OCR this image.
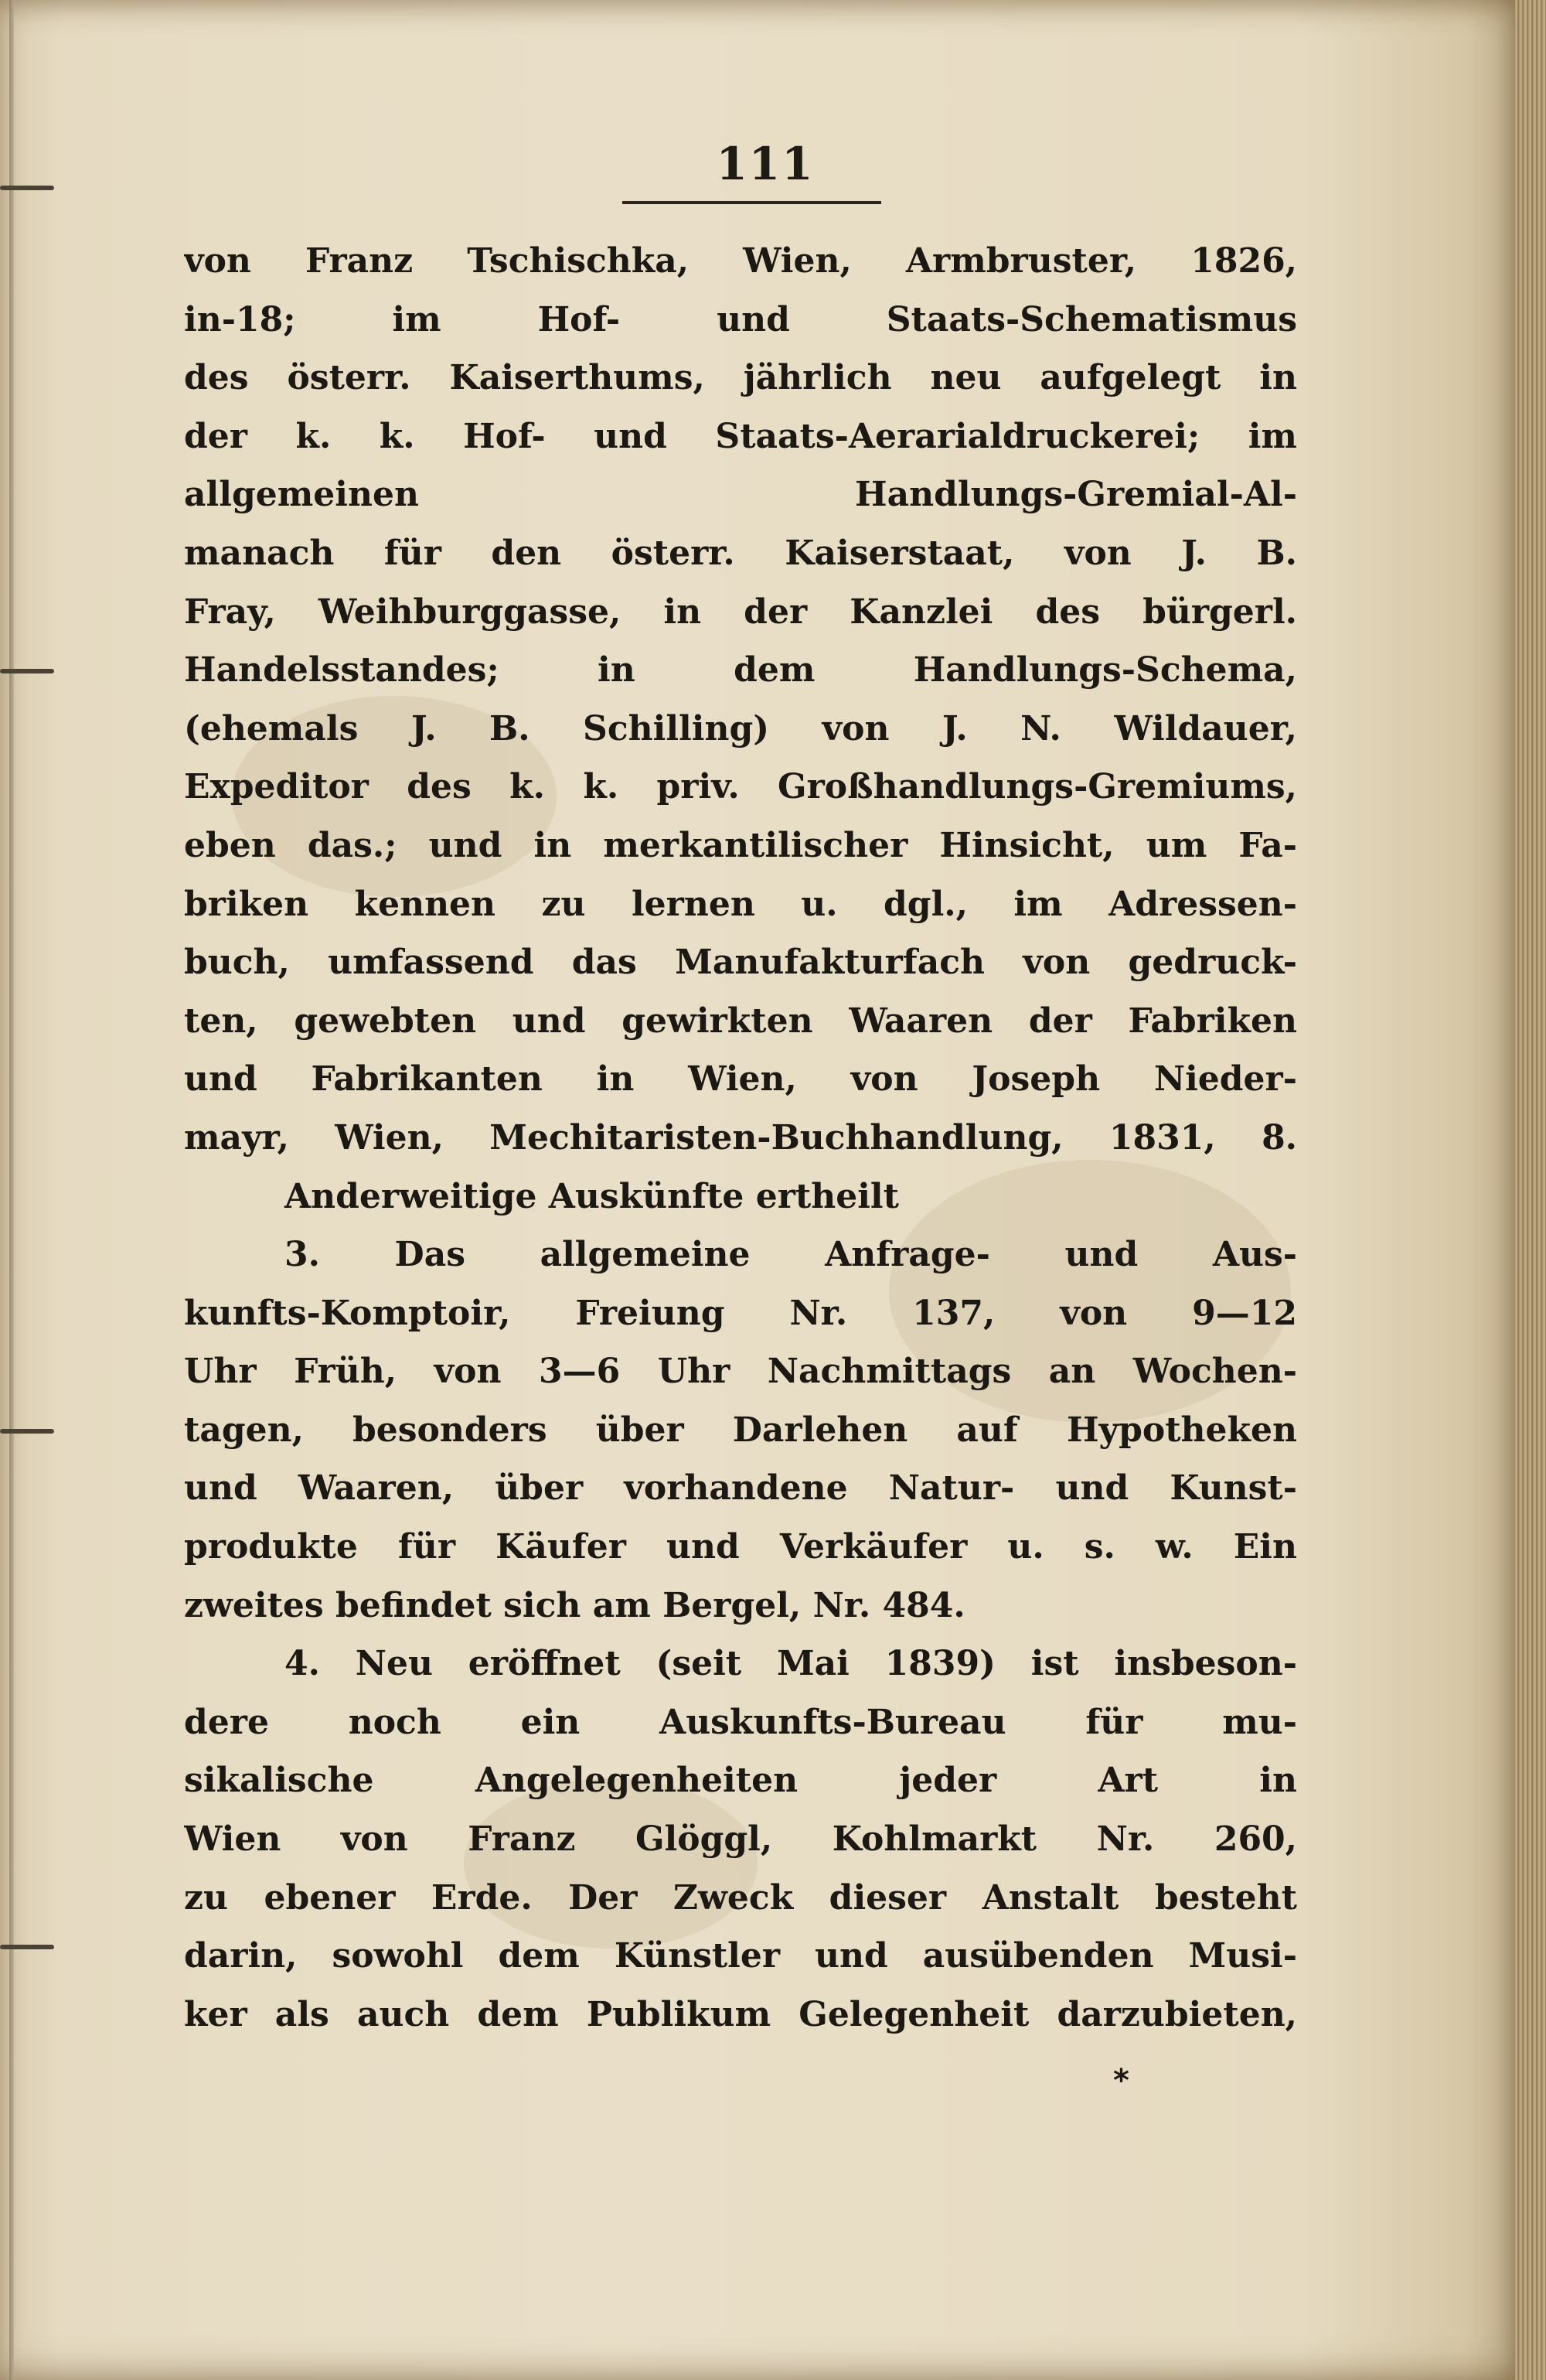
111
von Franz Tschischka, Wien, Armbruster, 1826,
in-18; im Hof- und Staats-Schematismus
des österr. Kaiserthums, jährlich neu aufgelegt in
der k. k. Hof- und Staats-Aerarialdruckerei; im
allgemeinen Handlungs-Gremial-Al-
manach für den österr. Kaiserstaat, von J. B.
Fray, Weihburggasse, in der Kanzlei des bürgerl.
Handelsstandes; in dem Handlungs-Schema,
(ehemals J. B. Schilling) von J. N. Wildauer,
Expeditor des k. k. priv. Großhandlungs-Gremiums,
eben das.; und in merkantilischer Hinsicht, um Fa-
briken kennen zu lernen u. dgl., im Adressen-
buch, umfassend das Manufakturfach von gedruck-
ten, gewebten und gewirkten Waaren der Fabriken
und Fabrikanten in Wien, von Joseph Nieder-
mayr, Wien, Mechitaristen-Buchhandlung, 1831, 8.
Anderweitige Auskünfte ertheilt
3. Das allgemeine Anfrage- und Aus-
kunfts-Komptoir, Freiung Nr. 137, von 9—12
Uhr Früh, von 3—6 Uhr Nachmittags an Wochen-
tagen, besonders über Darlehen auf Hypotheken
und Waaren, über vorhandene Natur- und Kunst-
produkte für Käufer und Verkäufer u. s. w. Ein
zweites befindet sich am Bergel, Nr. 484.
4. Neu eröffnet (seit Mai 1839) ist insbeson-
dere noch ein Auskunfts-Bureau für mu-
sikalische Angelegenheiten jeder Art in
Wien von Franz Glöggl, Kohlmarkt Nr. 260,
zu ebener Erde. Der Zweck dieser Anstalt besteht
darin, sowohl dem Künstler und ausübenden Musi-
ker als auch dem Publikum Gelegenheit darzubieten,
*
